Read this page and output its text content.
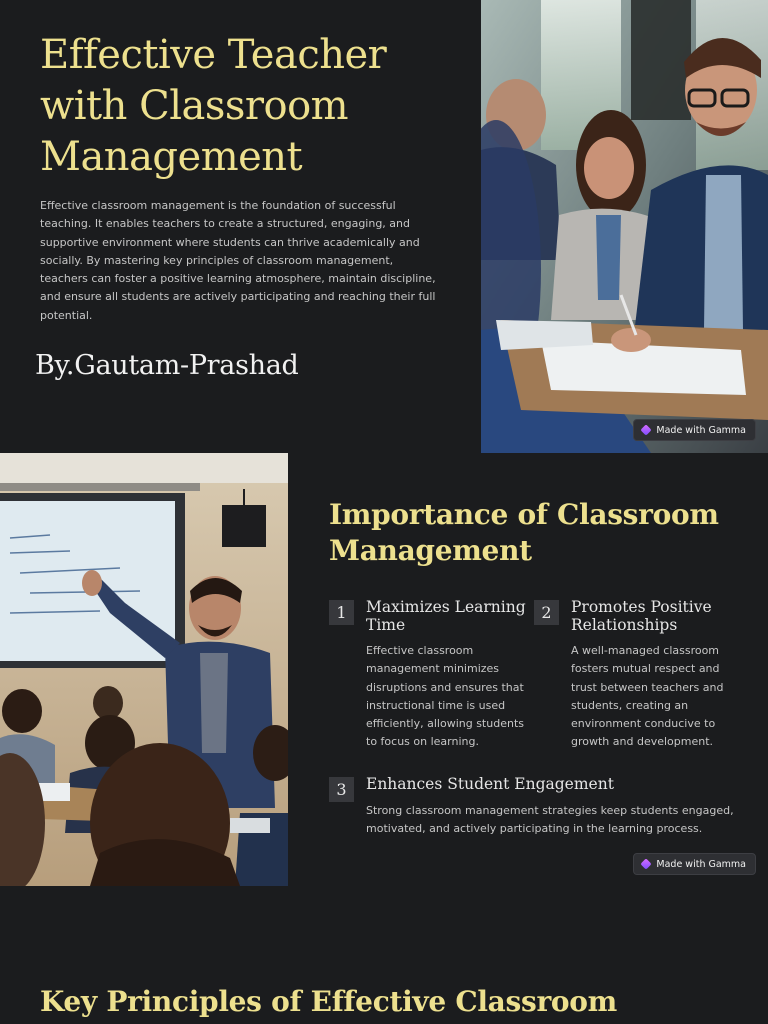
Effective Teacher with Classroom Management

Effective classroom management is the foundation of successful teaching. It enables teachers to create a structured, engaging, and supportive environment where students can thrive academically and socially. By mastering key principles of classroom management, teachers can foster a positive learning atmosphere, maintain discipline, and ensure all students are actively participating and reaching their full potential.

By.Gautam-Prashad
Made with Gamma
Importance of Classroom Management
1	Maximizes Learning Time
Effective classroom management minimizes disruptions and ensures that instructional time is used efficiently, allowing students to focus on learning.
2	Promotes Positive Relationships
A well-managed classroom fosters mutual respect and trust between teachers and students, creating an environment conducive to growth and development.
3	Enhances Student Engagement
Strong classroom management strategies keep students engaged, motivated, and actively participating in the learning process.
Made with Gamma
Key Principles of Effective Classroom
